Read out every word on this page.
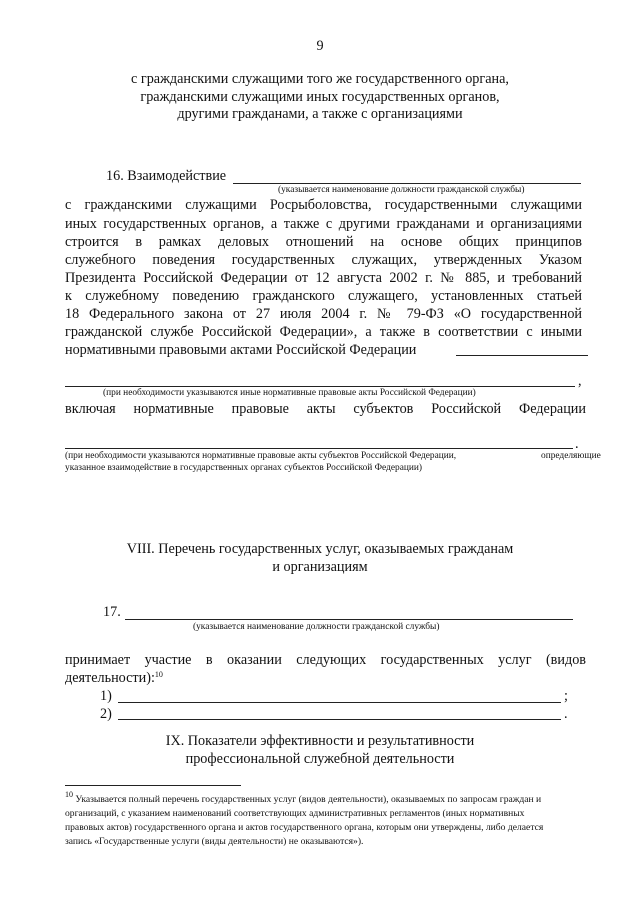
9
с гражданскими служащими того же государственного органа,
гражданскими служащими иных государственных органов,
другими гражданами, а также с организациями
16. Взаимодействие
(указывается наименование должности гражданской службы)
с гражданскими служащими Росрыболовства, государственными служащими
иных государственных органов, а также с другими гражданами и организациями
строится в рамках деловых отношений на основе общих принципов
служебного поведения государственных служащих, утвержденных Указом
Президента Российской Федерации от 12 августа 2002 г. № 885, и требований
к служебному поведению гражданского служащего, установленных статьей
18 Федерального закона от 27 июля 2004 г. № 79-ФЗ «О государственной
гражданской службе Российской Федерации», а также в соответствии с иными
нормативными правовыми актами Российской Федерации
,
(при необходимости указываются иные нормативные правовые акты Российской Федерации)
включая нормативные правовые акты субъектов Российской Федерации
.
(при необходимости указываются нормативные правовые акты субъектов Российской Федерации,	определяющие
указанное взаимодействие в государственных органах субъектов Российской Федерации)
VIII. Перечень государственных услуг, оказываемых гражданам
и организациям
17.
(указывается наименование должности гражданской службы)
принимает участие в оказании следующих государственных услуг (видов
деятельности):$^{10}$
1)	;
2)	.
IX. Показатели эффективности и результативности
профессиональной служебной деятельности
$^{10}$ Указывается полный перечень государственных услуг (видов деятельности), оказываемых по запросам граждан и
организаций, с указанием наименований соответствующих административных регламентов (иных нормативных
правовых актов) государственного органа и актов государственного органа, которым они утверждены, либо делается
запись «Государственные услуги (виды деятельности) не оказываются»).
